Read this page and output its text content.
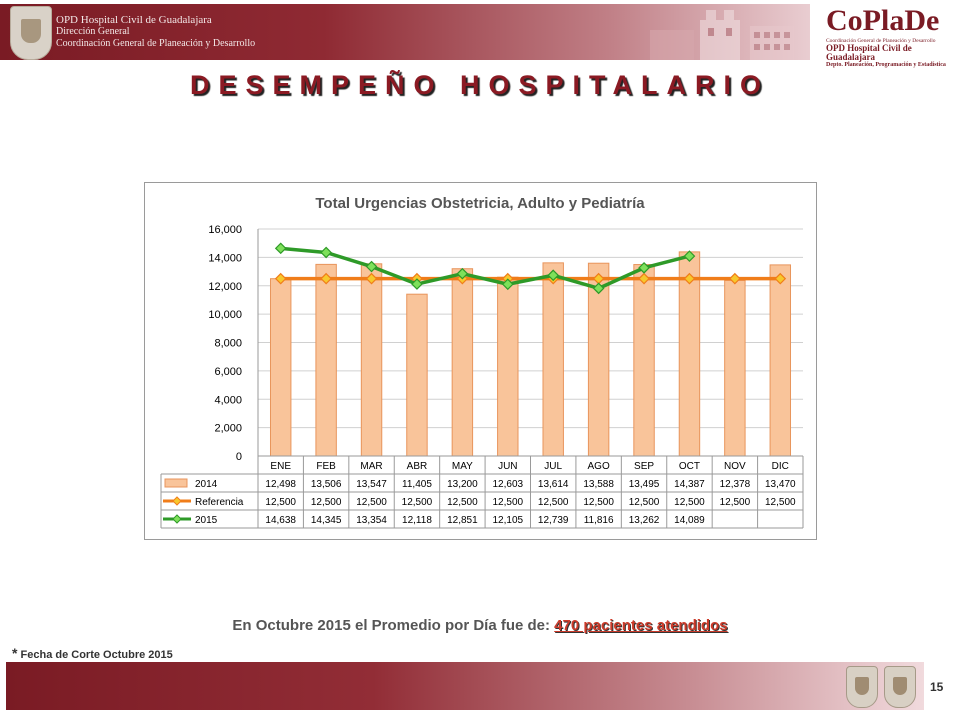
OPD Hospital Civil de Guadalajara
Dirección General
Coordinación General de Planeación y Desarrollo
CoPlaDe
Coordinación General de Planeación y Desarrollo
OPD Hospital Civil de Guadalajara
Depto. Planeación, Programación y Estadística
DESEMPEÑO HOSPITALARIO
Total Urgencias Obstetricia, Adulto y Pediatría
0
2,000
4,000
6,000
8,000
10,000
12,000
14,000
16,000
ENE	FEB MAR ABR MAY	JUN	JUL	AGO SEP OCT NOV	DIC
2014	12,498 13,506 13,547 11,405 13,200 12,603 13,614 13,588 13,495 14,387 12,378 13,470
Referencia 12,500 12,500 12,500 12,500 12,500 12,500 12,500 12,500 12,500 12,500 12,500 12,500
2015	14,638 14,345 13,354 12,118 12,851 12,105 12,739 11,816 13,262 14,089
En Octubre 2015 el Promedio por Día fue de: 470 pacientes atendidos
* Fecha de Corte Octubre 2015
15
